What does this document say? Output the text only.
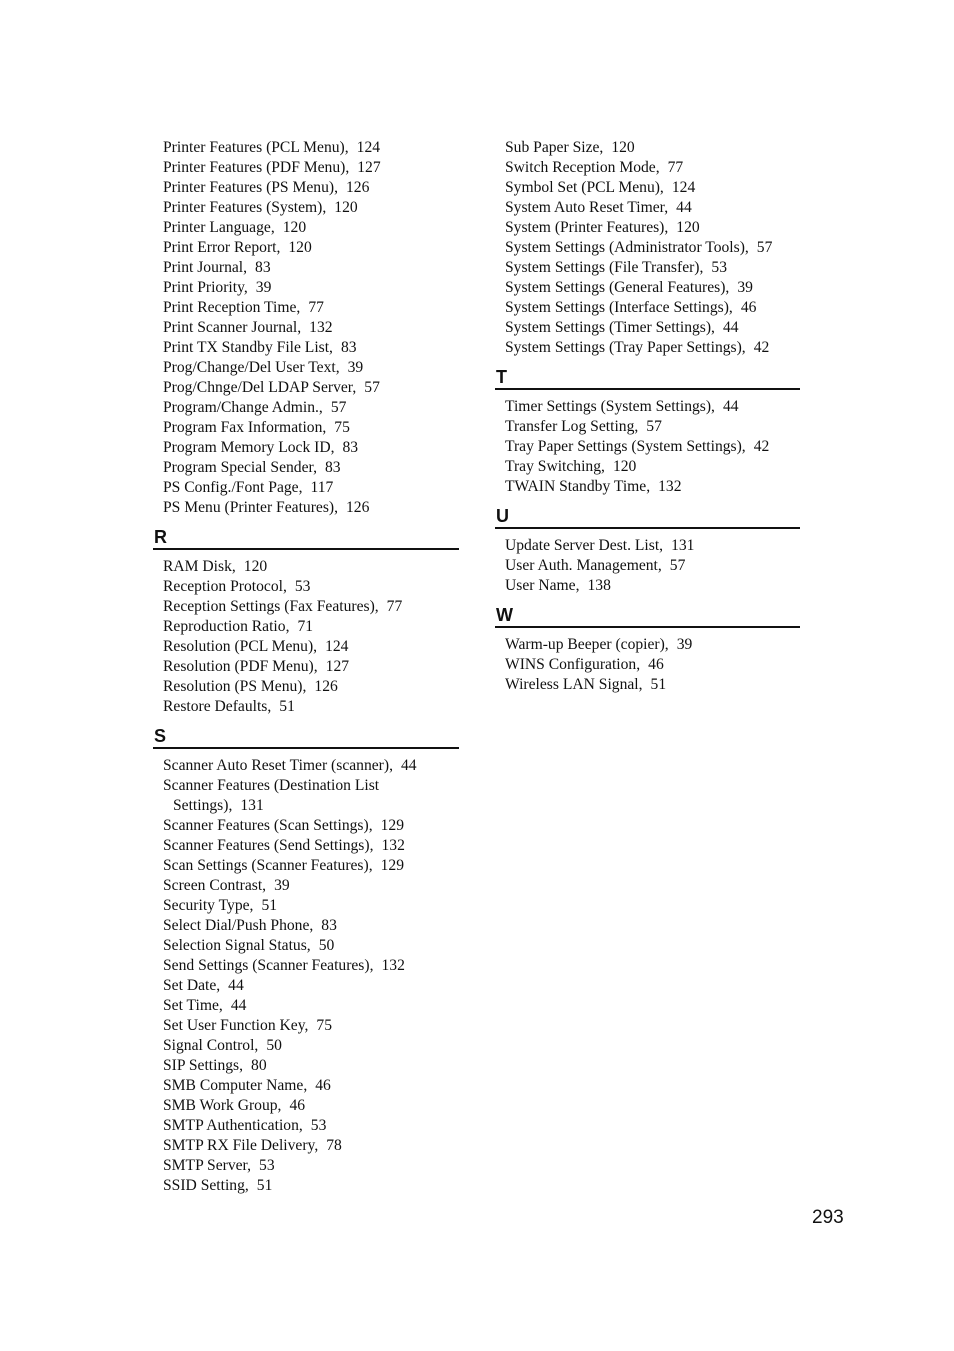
Printer Features (PCL Menu), 124
Printer Features (PDF Menu), 127
Printer Features (PS Menu), 126
Printer Features (System), 120
Printer Language, 120
Print Error Report, 120
Print Journal, 83
Print Priority, 39
Print Reception Time, 77
Print Scanner Journal, 132
Print TX Standby File List, 83
Prog/Change/Del User Text, 39
Prog/Chnge/Del LDAP Server, 57
Program/Change Admin., 57
Program Fax Information, 75
Program Memory Lock ID, 83
Program Special Sender, 83
PS Config./Font Page, 117
PS Menu (Printer Features), 126
R
RAM Disk, 120
Reception Protocol, 53
Reception Settings (Fax Features), 77
Reproduction Ratio, 71
Resolution (PCL Menu), 124
Resolution (PDF Menu), 127
Resolution (PS Menu), 126
Restore Defaults, 51
S
Scanner Auto Reset Timer (scanner), 44
Scanner Features (Destination List
Settings), 131
Scanner Features (Scan Settings), 129
Scanner Features (Send Settings), 132
Scan Settings (Scanner Features), 129
Screen Contrast, 39
Security Type, 51
Select Dial/Push Phone, 83
Selection Signal Status, 50
Send Settings (Scanner Features), 132
Set Date, 44
Set Time, 44
Set User Function Key, 75
Signal Control, 50
SIP Settings, 80
SMB Computer Name, 46
SMB Work Group, 46
SMTP Authentication, 53
SMTP RX File Delivery, 78
SMTP Server, 53
SSID Setting, 51
Sub Paper Size, 120
Switch Reception Mode, 77
Symbol Set (PCL Menu), 124
System Auto Reset Timer, 44
System (Printer Features), 120
System Settings (Administrator Tools), 57
System Settings (File Transfer), 53
System Settings (General Features), 39
System Settings (Interface Settings), 46
System Settings (Timer Settings), 44
System Settings (Tray Paper Settings), 42
T
Timer Settings (System Settings), 44
Transfer Log Setting, 57
Tray Paper Settings (System Settings), 42
Tray Switching, 120
TWAIN Standby Time, 132
U
Update Server Dest. List, 131
User Auth. Management, 57
User Name, 138
W
Warm-up Beeper (copier), 39
WINS Configuration, 46
Wireless LAN Signal, 51
293
